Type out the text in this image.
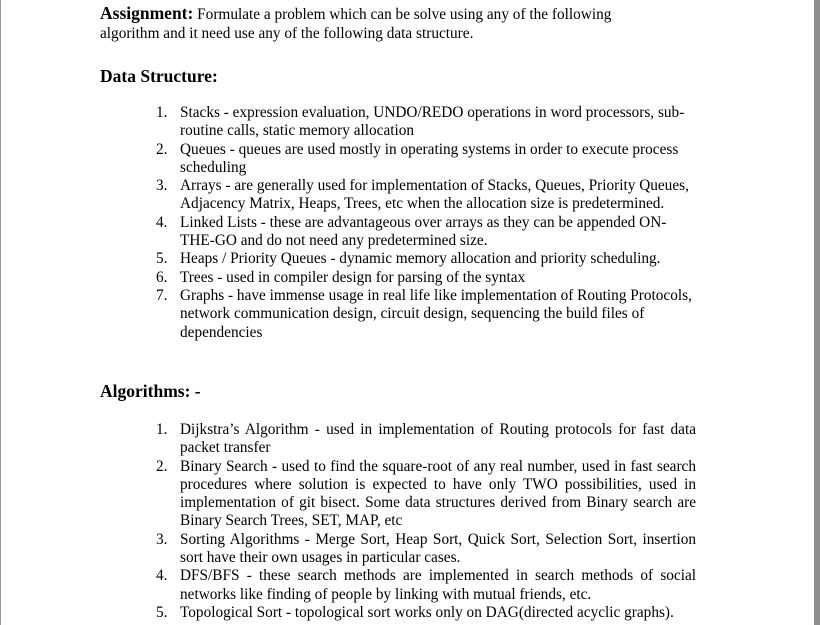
Assignment: Formulate a problem which can be solve using any of the following algorithm and it need use any of the following data structure.

Data Structure:
1. Stacks - expression evaluation, UNDO/REDO operations in word processors, sub-routine calls, static memory allocation
2. Queues - queues are used mostly in operating systems in order to execute process scheduling
3. Arrays - are generally used for implementation of Stacks, Queues, Priority Queues, Adjacency Matrix, Heaps, Trees, etc when the allocation size is predetermined.
4. Linked Lists - these are advantageous over arrays as they can be appended ON-THE-GO and do not need any predetermined size.
5. Heaps / Priority Queues - dynamic memory allocation and priority scheduling.
6. Trees - used in compiler design for parsing of the syntax
7. Graphs - have immense usage in real life like implementation of Routing Protocols, network communication design, circuit design, sequencing the build files of dependencies
Algorithms: -
1. Dijkstra’s Algorithm - used in implementation of Routing protocols for fast data packet transfer
2. Binary Search - used to find the square-root of any real number, used in fast search procedures where solution is expected to have only TWO possibilities, used in implementation of git bisect. Some data structures derived from Binary search are Binary Search Trees, SET, MAP, etc
3. Sorting Algorithms - Merge Sort, Heap Sort, Quick Sort, Selection Sort, insertion sort have their own usages in particular cases.
4. DFS/BFS - these search methods are implemented in search methods of social networks like finding of people by linking with mutual friends, etc.
5. Topological Sort - topological sort works only on DAG(directed acyclic graphs).
